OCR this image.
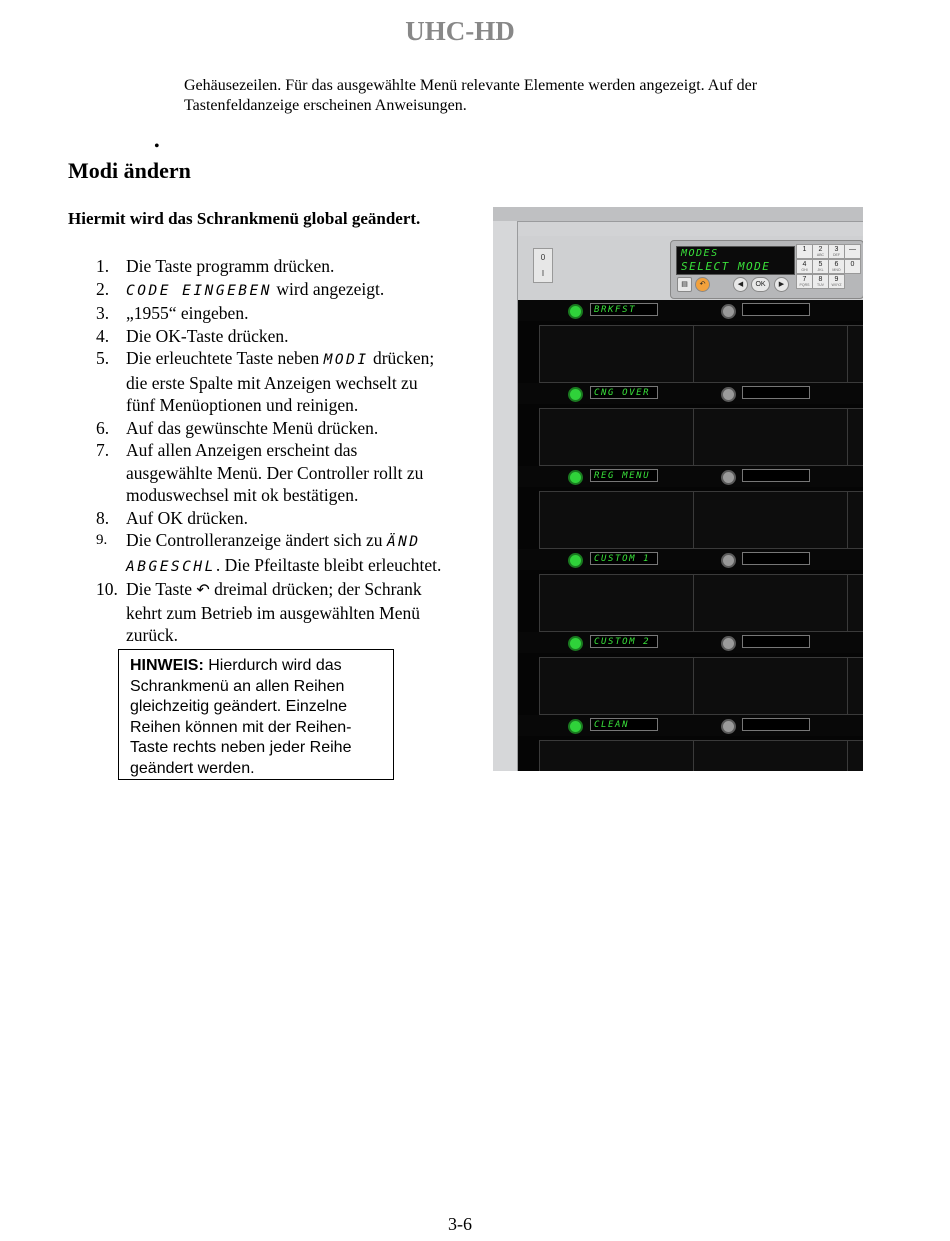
UHC-HD
Gehäusezeilen. Für das ausgewählte Menü relevante Elemente werden angezeigt. Auf der
Tastenfeldanzeige erscheinen Anweisungen.
•
Modi ändern
Hiermit wird das Schrankmenü global geändert.
1. Die Taste programm drücken.
2.	CODE EINGEBEN wird angezeigt.
3. „1955“ eingeben.
4. Die OK-Taste drücken.
5. Die erleuchtete Taste neben MODI drücken;
die erste Spalte mit Anzeigen wechselt zu
fünf Menüoptionen und reinigen.
6. Auf das gewünschte Menü drücken.
7. Auf allen Anzeigen erscheint das
ausgewählte Menü. Der Controller rollt zu
moduswechsel mit ok bestätigen.
8. Auf OK drücken.
9.	Die Controlleranzeige ändert sich zu ÄND
ABGESCHL. Die Pfeiltaste bleibt erleuchtet.
10. Die Taste ↶ dreimal drücken; der Schrank
kehrt zum Betrieb im ausgewählten Menü
zurück.
HINWEIS: Hierdurch wird das Schrankmenü an allen Reihen gleichzeitig geändert. Einzelne Reihen können mit der Reihen-Taste rechts neben jeder Reihe geändert werden.
0
I
MODES
SELECT MODE
1	2
ABC
3
DEF
—
4
GHI
5
JKL
6
MNO
0
7
PQRS
8
TUV
9
WXYZ
▤	↶	◀	OK	▶
BRKFST
CNG OVER
REG MENU
CUSTOM 1
CUSTOM 2
CLEAN
3-6
